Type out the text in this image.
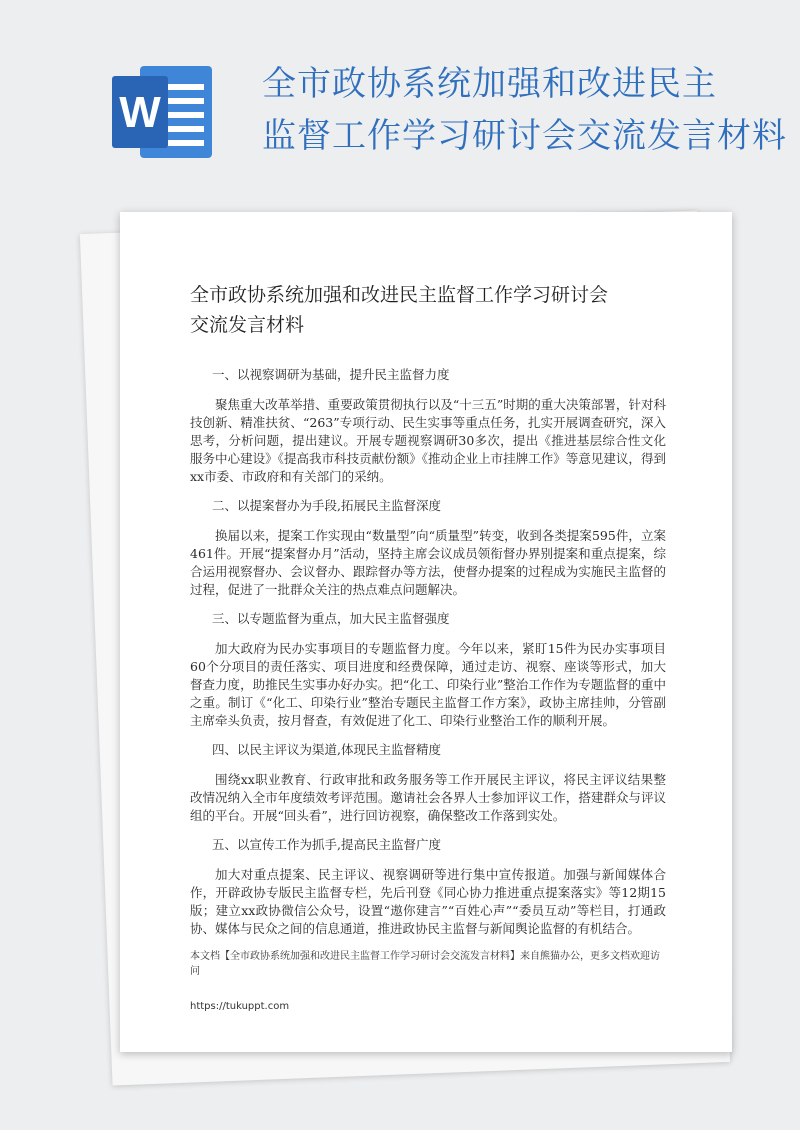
W
全市政协系统加强和改进民主
监督工作学习研讨会交流发言材料
全市政协系统加强和改进民主监督工作学习研讨会
交流发言材料

一、以视察调研为基础，提升民主监督力度

聚焦重大改革举措、重要政策贯彻执行以及“十三五”时期的重大决策部署，针对科技创新、精准扶贫、“263”专项行动、民生实事等重点任务，扎实开展调查研究，深入思考，分析问题，提出建议。开展专题视察调研30多次，提出《推进基层综合性文化服务中心建设》《提高我市科技贡献份额》《推动企业上市挂牌工作》等意见建议，得到xx市委、市政府和有关部门的采纳。

二、以提案督办为手段,拓展民主监督深度

换届以来，提案工作实现由“数量型”向“质量型”转变，收到各类提案595件，立案461件。开展“提案督办月”活动，坚持主席会议成员领衔督办界别提案和重点提案，综合运用视察督办、会议督办、跟踪督办等方法，使督办提案的过程成为实施民主监督的过程，促进了一批群众关注的热点难点问题解决。

三、以专题监督为重点，加大民主监督强度

加大政府为民办实事项目的专题监督力度。今年以来，紧盯15件为民办实事项目60个分项目的责任落实、项目进度和经费保障，通过走访、视察、座谈等形式，加大督查力度，助推民生实事办好办实。把“化工、印染行业”整治工作作为专题监督的重中之重。制订《“化工、印染行业”整治专题民主监督工作方案》，政协主席挂帅，分管副主席牵头负责，按月督查，有效促进了化工、印染行业整治工作的顺利开展。

四、以民主评议为渠道,体现民主监督精度

围绕xx职业教育、行政审批和政务服务等工作开展民主评议，将民主评议结果整改情况纳入全市年度绩效考评范围。邀请社会各界人士参加评议工作，搭建群众与评议组的平台。开展“回头看”，进行回访视察，确保整改工作落到实处。

五、以宣传工作为抓手,提高民主监督广度

加大对重点提案、民主评议、视察调研等进行集中宣传报道。加强与新闻媒体合作，开辟政协专版民主监督专栏，先后刊登《同心协力推进重点提案落实》等12期15版；建立xx政协微信公众号，设置“遨你建言”“百姓心声”“委员互动”等栏目，打通政协、媒体与民众之间的信息通道，推进政协民主监督与新闻舆论监督的有机结合。

本文档【全市政协系统加强和改进民主监督工作学习研讨会交流发言材料】来自熊猫办公，更多文档欢迎访问
https://tukuppt.com
